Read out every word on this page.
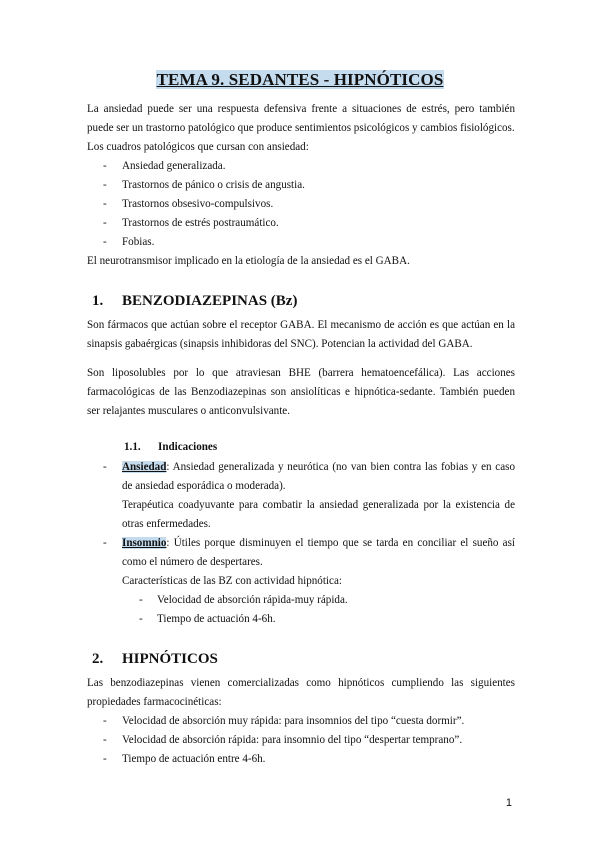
TEMA 9. SEDANTES - HIPNÓTICOS

La ansiedad puede ser una respuesta defensiva frente a situaciones de estrés, pero también puede ser un trastorno patológico que produce sentimientos psicológicos y cambios fisiológicos.

Los cuadros patológicos que cursan con ansiedad:

- Ansiedad generalizada.
- Trastornos de pánico o crisis de angustia.
- Trastornos obsesivo-compulsivos.
- Trastornos de estrés postraumático.
- Fobias.

El neurotransmisor implicado en la etiología de la ansiedad es el GABA.

1. BENZODIAZEPINAS (Bz)

Son fármacos que actúan sobre el receptor GABA. El mecanismo de acción es que actúan en la sinapsis gabaérgicas (sinapsis inhibidoras del SNC). Potencian la actividad del GABA.

Son liposolubles por lo que atraviesan BHE (barrera hematoencefálica). Las acciones farmacológicas de las Benzodiazepinas son ansiolíticas e hipnótica-sedante. También pueden ser relajantes musculares o anticonvulsivante.

1.1. Indicaciones
- Ansiedad: Ansiedad generalizada y neurótica (no van bien contra las fobias y en caso de ansiedad esporádica o moderada).

Terapéutica coadyuvante para combatir la ansiedad generalizada por la existencia de otras enfermedades.

- Insomnio: Útiles porque disminuyen el tiempo que se tarda en conciliar el sueño así como el número de despertares.

Características de las BZ con actividad hipnótica:

- Velocidad de absorción rápida-muy rápida.
- Tiempo de actuación 4-6h.
2. HIPNÓTICOS

Las benzodiazepinas vienen comercializadas como hipnóticos cumpliendo las siguientes propiedades farmacocinéticas:

- Velocidad de absorción muy rápida: para insomnios del tipo “cuesta dormir”.
- Velocidad de absorción rápida: para insomnio del tipo “despertar temprano”.
- Tiempo de actuación entre 4-6h.
1
